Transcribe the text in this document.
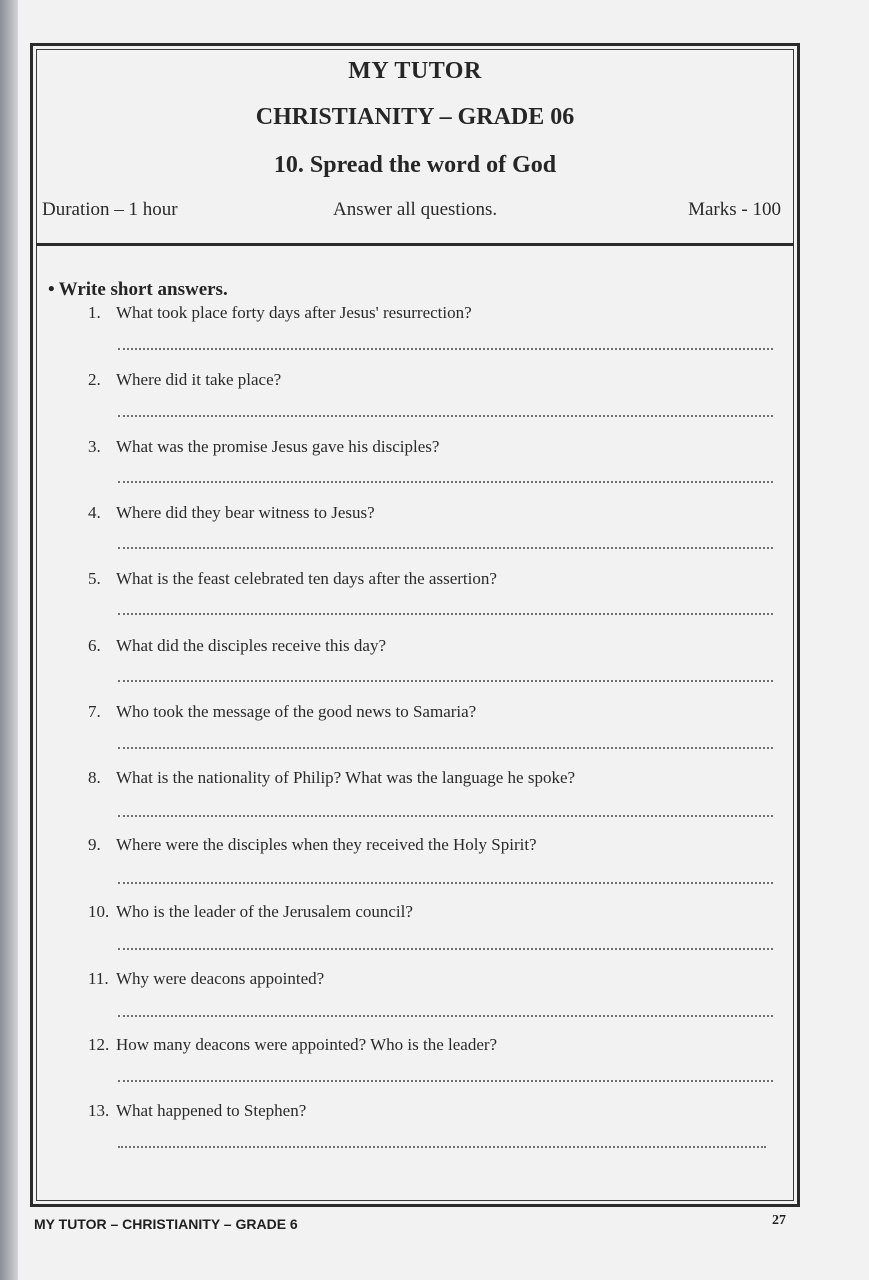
MY TUTOR
CHRISTIANITY – GRADE 06
10. Spread the word of God
Duration – 1 hour	Answer all questions.	Marks - 100
• Write short answers.
1. What took place forty days after Jesus' resurrection?
2. Where did it take place?
3. What was the promise Jesus gave his disciples?
4. Where did they bear witness to Jesus?
5. What is the feast celebrated ten days after the assertion?
6. What did the disciples receive this day?
7. Who took the message of the good news to Samaria?
8. What is the nationality of Philip? What was the language he spoke?
9. Where were the disciples when they received the Holy Spirit?
10. Who is the leader of the Jerusalem council?
11. Why were deacons appointed?
12. How many deacons were appointed? Who is the leader?
13. What happened to Stephen?
MY TUTOR – CHRISTIANITY – GRADE 6	27
